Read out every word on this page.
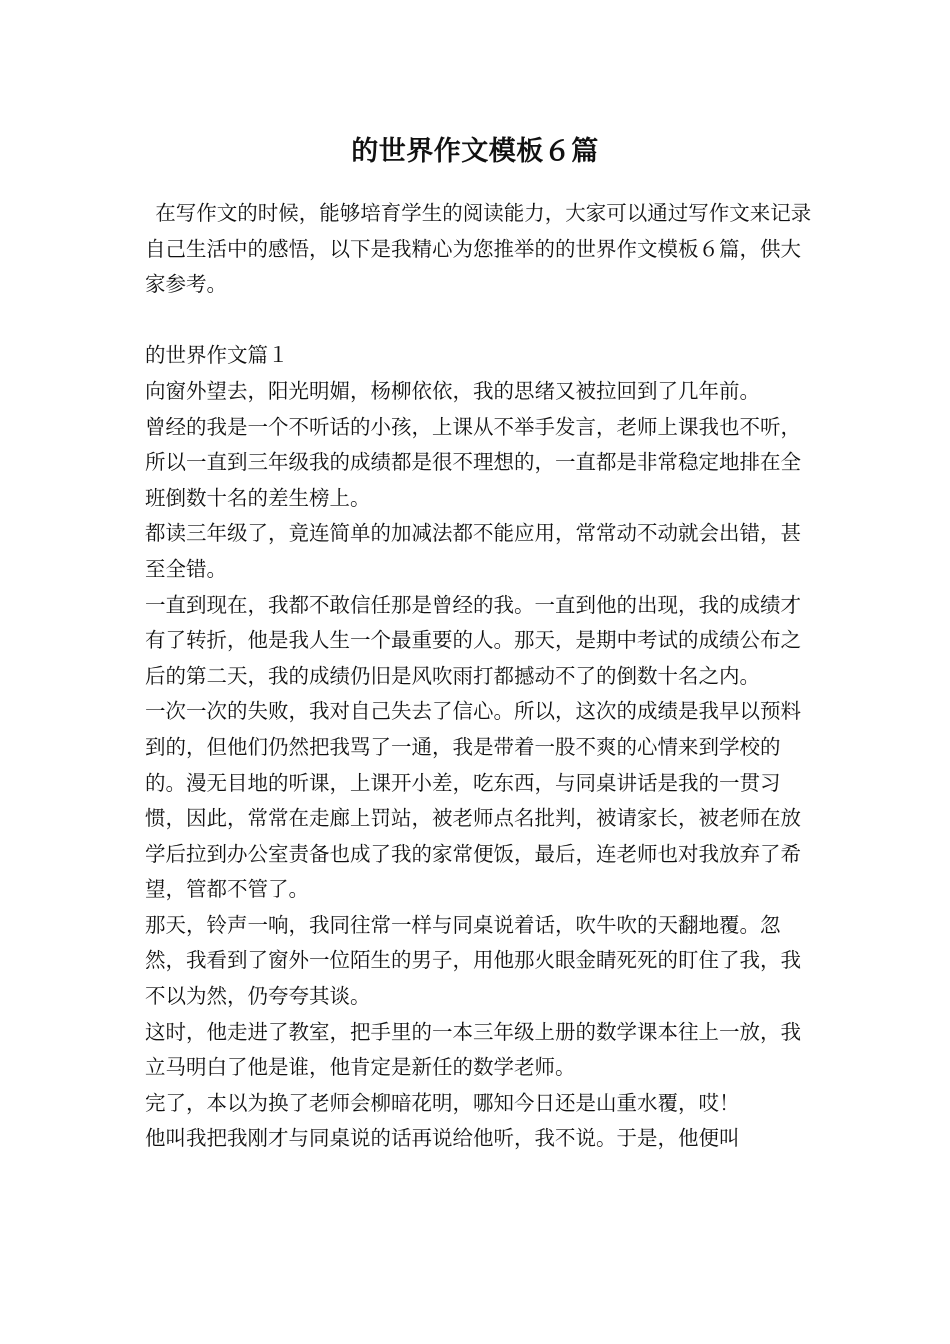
的世界作文模板６篇

在写作文的时候，能够培育学生的阅读能力，大家可以通过写作文来记录自己生活中的感悟，以下是我精心为您推举的的世界作文模板６篇，供大家参考。

的世界作文篇１

向窗外望去，阳光明媚，杨柳依依，我的思绪又被拉回到了几年前。

曾经的我是一个不听话的小孩，上课从不举手发言，老师上课我也不听，所以一直到三年级我的成绩都是很不理想的，一直都是非常稳定地排在全班倒数十名的差生榜上。

都读三年级了，竟连简单的加减法都不能应用，常常动不动就会出错，甚至全错。

一直到现在，我都不敢信任那是曾经的我。一直到他的出现，我的成绩才有了转折，他是我人生一个最重要的人。那天，是期中考试的成绩公布之后的第二天，我的成绩仍旧是风吹雨打都撼动不了的倒数十名之内。

一次一次的失败，我对自己失去了信心。所以，这次的成绩是我早以预料到的，但他们仍然把我骂了一通，我是带着一股不爽的心情来到学校的的。漫无目地的听课，上课开小差，吃东西，与同桌讲话是我的一贯习惯，因此，常常在走廊上罚站，被老师点名批判，被请家长，被老师在放学后拉到办公室责备也成了我的家常便饭，最后，连老师也对我放弃了希望，管都不管了。

那天，铃声一响，我同往常一样与同桌说着话，吹牛吹的天翻地覆。忽然，我看到了窗外一位陌生的男子，用他那火眼金睛死死的盯住了我，我不以为然，仍夸夸其谈。

这时，他走进了教室，把手里的一本三年级上册的数学课本往上一放，我立马明白了他是谁，他肯定是新任的数学老师。

完了，本以为换了老师会柳暗花明，哪知今日还是山重水覆，哎！

他叫我把我刚才与同桌说的话再说给他听，我不说。于是，他便叫
